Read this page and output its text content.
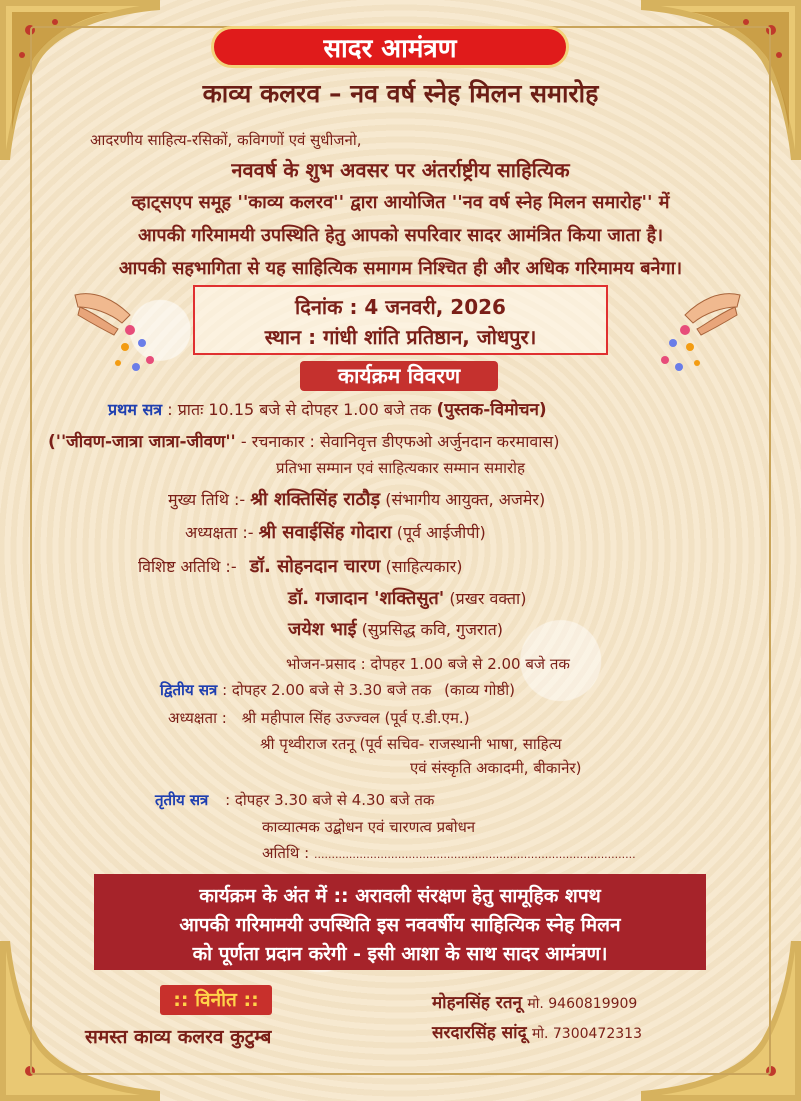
सादर आमंत्रण
काव्य कलरव – नव वर्ष स्नेह मिलन समारोह
आदरणीय साहित्य-रसिकों, कविगणों एवं सुधीजनो,
नववर्ष के शुभ अवसर पर अंतर्राष्ट्रीय साहित्यिक
व्हाट्सएप समूह ''काव्य कलरव'' द्वारा आयोजित ''नव वर्ष स्नेह मिलन समारोह'' में
आपकी गरिमामयी उपस्थिति हेतु आपको सपरिवार सादर आमंत्रित किया जाता है।
आपकी सहभागिता से यह साहित्यिक समागम निश्चित ही और अधिक गरिमामय बनेगा।
दिनांक : 4 जनवरी, 2026
स्थान : गांधी शांति प्रतिष्ठान, जोधपुर।
कार्यक्रम विवरण
प्रथम सत्र : प्रातः 10.15 बजे से दोपहर 1.00 बजे तक (पुस्तक-विमोचन)
(''जीवण-जात्रा जात्रा-जीवण'' - रचनाकार : सेवानिवृत्त डीएफओ अर्जुनदान करमावास)
प्रतिभा सम्मान एवं साहित्यकार सम्मान समारोह
मुख्य तिथि :- श्री शक्तिसिंह राठौड़ (संभागीय आयुक्त, अजमेर)
अध्यक्षता :- श्री सवाईसिंह गोदारा (पूर्व आईजीपी)
विशिष्ट अतिथि :- डॉ. सोहनदान चारण (साहित्यकार)
डॉ. गजादान 'शक्तिसुत' (प्रखर वक्ता)
जयेश भाई (सुप्रसिद्ध कवि, गुजरात)
भोजन-प्रसाद : दोपहर 1.00 बजे से 2.00 बजे तक
द्वितीय सत्र : दोपहर 2.00 बजे से 3.30 बजे तक (काव्य गोष्ठी)
अध्यक्षता : श्री महीपाल सिंह उज्ज्वल (पूर्व ए.डी.एम.)
श्री पृथ्वीराज रतनू (पूर्व सचिव- राजस्थानी भाषा, साहित्य
एवं संस्कृति अकादमी, बीकानेर)
तृतीय सत्र : दोपहर 3.30 बजे से 4.30 बजे तक
काव्यात्मक उद्बोधन एवं चारणत्व प्रबोधन
अतिथि : ............................................................................................
कार्यक्रम के अंत में :: अरावली संरक्षण हेतु सामूहिक शपथ
आपकी गरिमामयी उपस्थिति इस नववर्षीय साहित्यिक स्नेह मिलन
को पूर्णता प्रदान करेगी - इसी आशा के साथ सादर आमंत्रण।
:: विनीत ::
समस्त काव्य कलरव कुटुम्ब
मोहनसिंह रतनू मो. 9460819909
सरदारसिंह सांदू मो. 7300472313
